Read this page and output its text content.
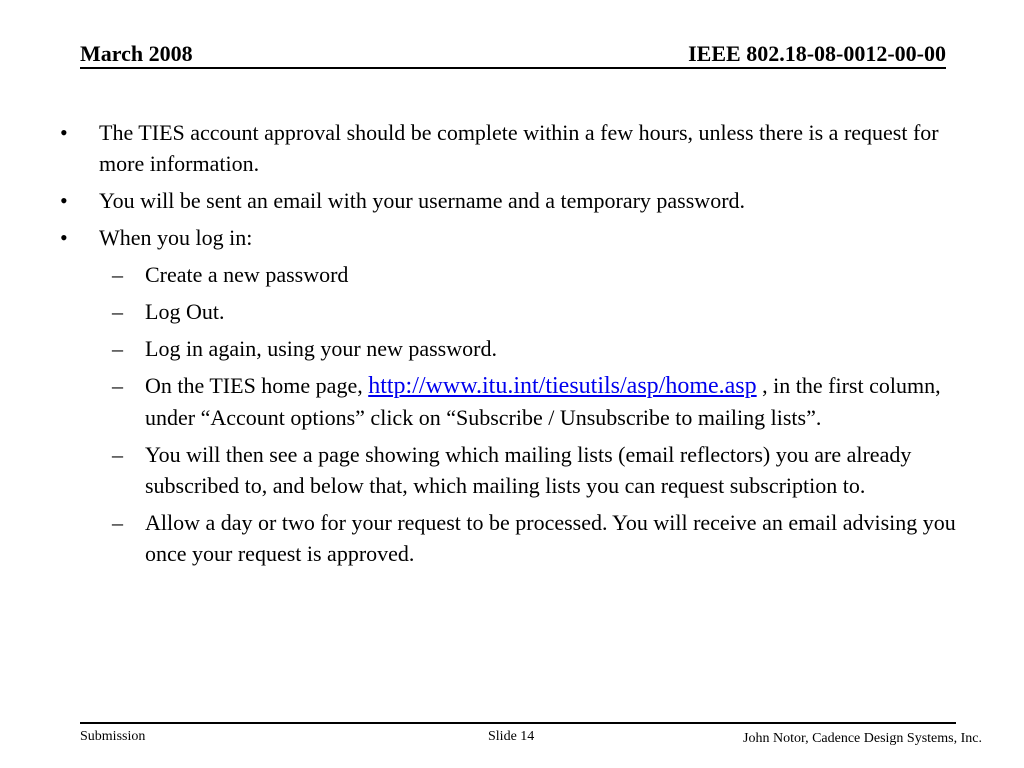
March 2008	IEEE 802.18-08-0012-00-00
• The TIES account approval should be complete within a few hours, unless there is a request for more information.
• You will be sent an email with your username and a temporary password.
• When you log in:
– Create a new password
– Log Out.
– Log in again, using your new password.
– On the TIES home page, http://www.itu.int/tiesutils/asp/home.asp , in the first column, under “Account options” click on “Subscribe / Unsubscribe to mailing lists”.
– You will then see a page showing which mailing lists (email reflectors) you are already subscribed to, and below that, which mailing lists you can request subscription to.
– Allow a day or two for your request to be processed. You will receive an email advising you once your request is approved.
Submission	Slide 14	John Notor, Cadence Design Systems, Inc.
